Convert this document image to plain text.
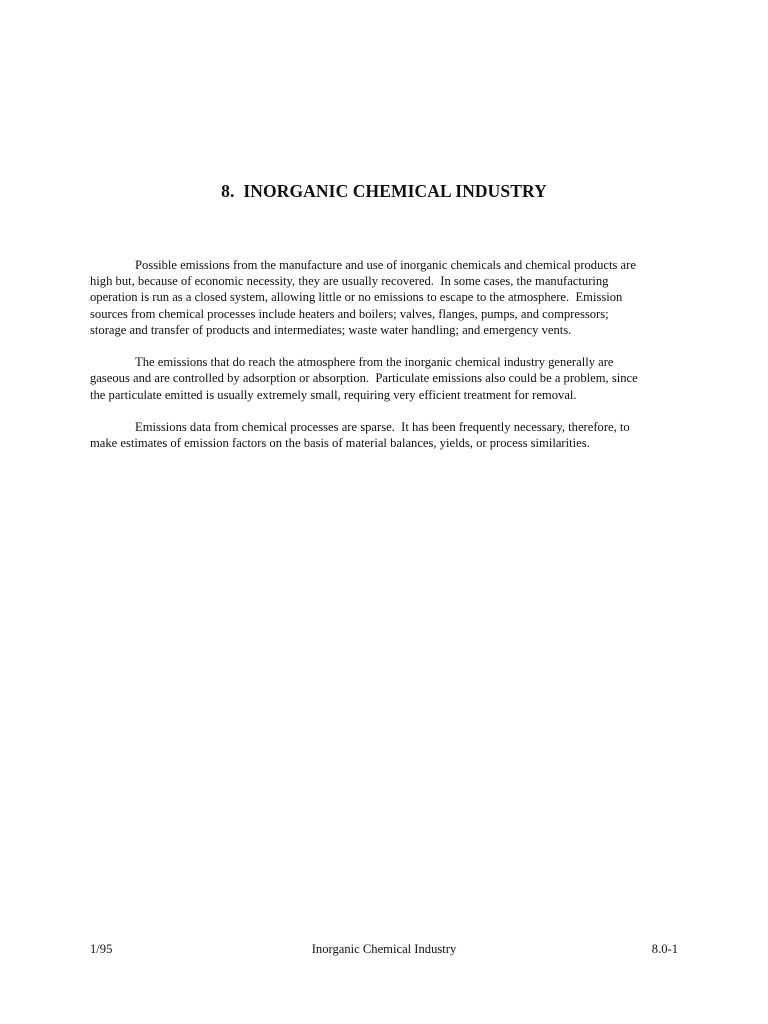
8.  INORGANIC CHEMICAL INDUSTRY
Possible emissions from the manufacture and use of inorganic chemicals and chemical products are
high but, because of economic necessity, they are usually recovered.  In some cases, the manufacturing
operation is run as a closed system, allowing little or no emissions to escape to the atmosphere.  Emission
sources from chemical processes include heaters and boilers; valves, flanges, pumps, and compressors;
storage and transfer of products and intermediates; waste water handling; and emergency vents.
The emissions that do reach the atmosphere from the inorganic chemical industry generally are
gaseous and are controlled by adsorption or absorption.  Particulate emissions also could be a problem, since
the particulate emitted is usually extremely small, requiring very efficient treatment for removal.
Emissions data from chemical processes are sparse.  It has been frequently necessary, therefore, to
make estimates of emission factors on the basis of material balances, yields, or process similarities.
1/95	Inorganic Chemical Industry	8.0-1
